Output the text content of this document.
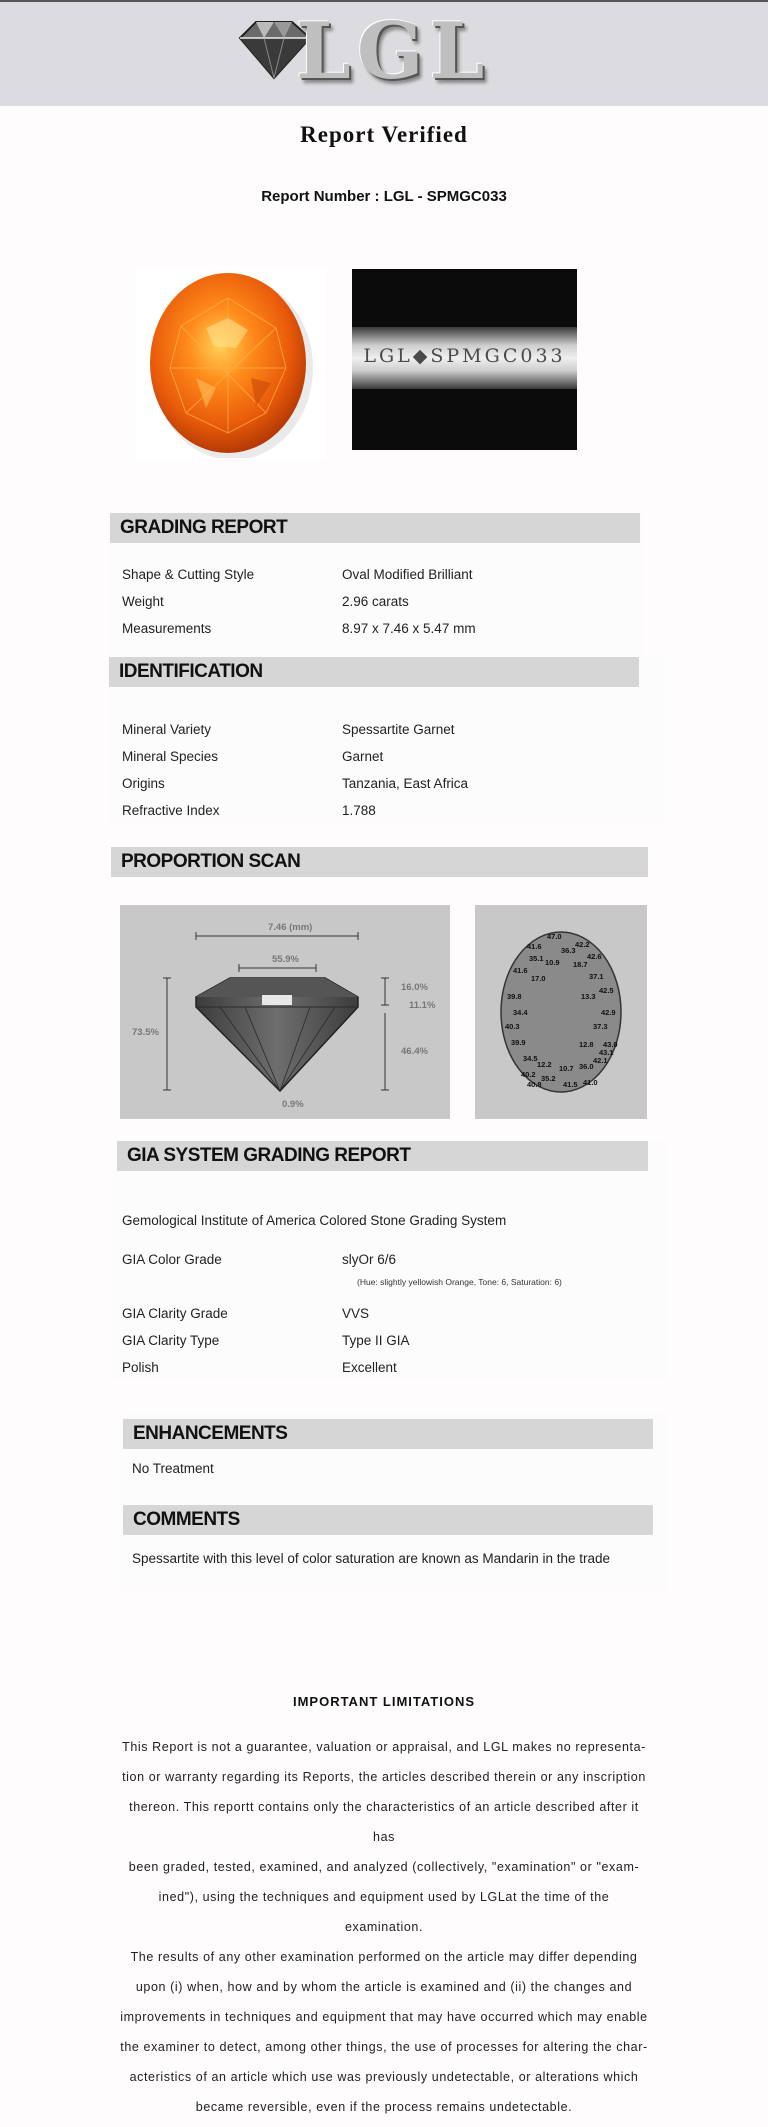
LGL
Report Verified
Report Number : LGL - SPMGC033
LGL◆SPMGC033
GRADING REPORT
Shape & Cutting Style	Oval Modified Brilliant
Weight	2.96 carats
Measurements	8.97 x 7.46 x 5.47 mm
IDENTIFICATION
Mineral Variety	Spessartite Garnet
Mineral Species	Garnet
Origins	Tanzania, East Africa
Refractive Index	1.788
PROPORTION SCAN
7.46 (mm)
55.9%
73.5%
16.0%
11.1%
46.4%
0.9%
47.0
41.6	42.2
36.3
35.1	42.6
10.9 18.7
41.6
37.1
17.0
42.5
13.3
39.8
42.9
34.4
37.3
40.3
43.0
12.8
39.9
34.5
43.1
12.2	36.0
42.1
10.7
40.2 35.2
40.8	41.5 41.0
GIA SYSTEM GRADING REPORT
Gemological Institute of America Colored Stone Grading System
GIA Color Grade	slyOr 6/6
(Hue: slightly yellowish Orange, Tone: 6, Saturation: 6)
GIA Clarity Grade	VVS
GIA Clarity Type	Type II GIA
Polish	Excellent
ENHANCEMENTS
No Treatment
COMMENTS
Spessartite with this level of color saturation are known as Mandarin in the trade
IMPORTANT LIMITATIONS
This Report is not a guarantee, valuation or appraisal, and LGL makes no representa-
tion or warranty regarding its Reports, the articles described therein or any inscription
thereon. This reportt contains only the characteristics of an article described after it has
been graded, tested, examined, and analyzed (collectively, "examination" or "exam-
ined"), using the techniques and equipment used by LGLat the time of the examination.
The results of any other examination performed on the article may differ depending
upon (i) when, how and by whom the article is examined and (ii) the changes and
improvements in techniques and equipment that may have occurred which may enable
the examiner to detect, among other things, the use of processes for altering the char-
acteristics of an article which use was previously undetectable, or alterations which
became reversible, even if the process remains undetectable.
